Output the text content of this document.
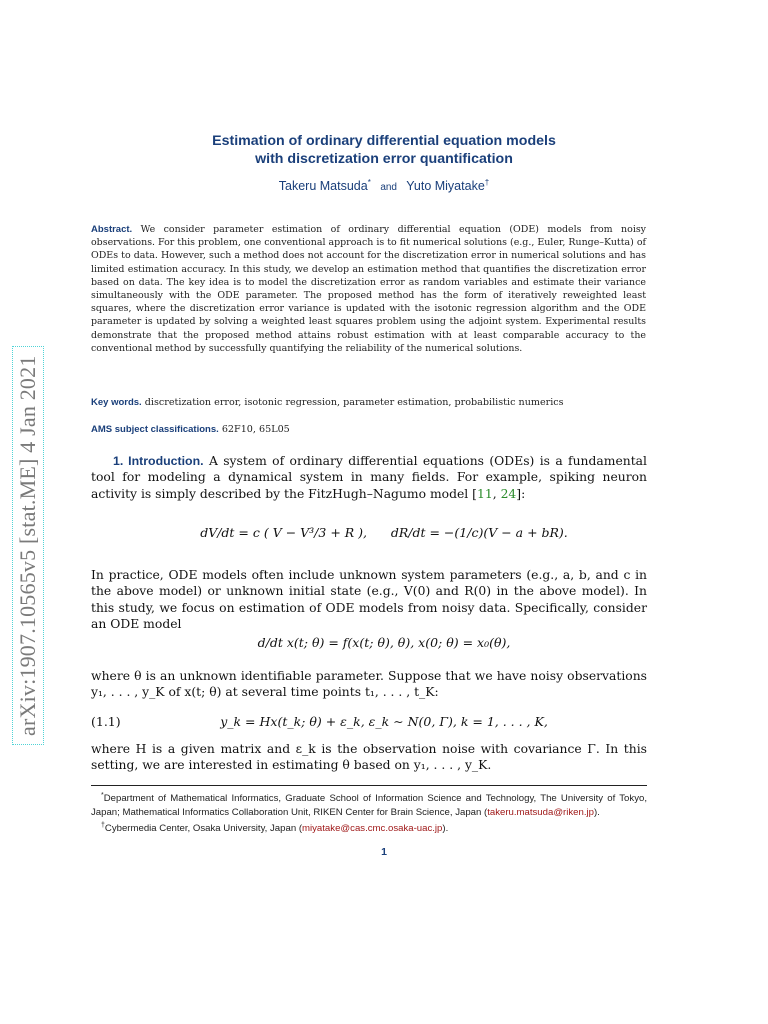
arXiv:1907.10565v5 [stat.ME] 4 Jan 2021
Estimation of ordinary differential equation models
with discretization error quantification
Takeru Matsuda* and Yuto Miyatake†
Abstract. We consider parameter estimation of ordinary differential equation (ODE) models from noisy observations. For this problem, one conventional approach is to fit numerical solutions (e.g., Euler, Runge–Kutta) of ODEs to data. However, such a method does not account for the discretization error in numerical solutions and has limited estimation accuracy. In this study, we develop an estimation method that quantifies the discretization error based on data. The key idea is to model the discretization error as random variables and estimate their variance simultaneously with the ODE parameter. The proposed method has the form of iteratively reweighted least squares, where the discretization error variance is updated with the isotonic regression algorithm and the ODE parameter is updated by solving a weighted least squares problem using the adjoint system. Experimental results demonstrate that the proposed method attains robust estimation with at least comparable accuracy to the conventional method by successfully quantifying the reliability of the numerical solutions.
Key words. discretization error, isotonic regression, parameter estimation, probabilistic numerics
AMS subject classifications. 62F10, 65L05
1. Introduction. A system of ordinary differential equations (ODEs) is a fundamental tool for modeling a dynamical system in many fields. For example, spiking neuron activity is simply described by the FitzHugh–Nagumo model [11, 24]:
dV/dt = c ( V − V³/3 + R ), dR/dt = −(1/c)(V − a + bR).
In practice, ODE models often include unknown system parameters (e.g., a, b, and c in the above model) or unknown initial state (e.g., V(0) and R(0) in the above model). In this study, we focus on estimation of ODE models from noisy data. Specifically, consider an ODE model
d/dt x(t; θ) = f(x(t; θ), θ), x(0; θ) = x₀(θ),
where θ is an unknown identifiable parameter. Suppose that we have noisy observations y₁, . . . , y_K of x(t; θ) at several time points t₁, . . . , t_K:
(1.1)	y_k = Hx(t_k; θ) + ε_k, ε_k ∼ N(0, Γ), k = 1, . . . , K,
where H is a given matrix and ε_k is the observation noise with covariance Γ. In this setting, we are interested in estimating θ based on y₁, . . . , y_K.
*Department of Mathematical Informatics, Graduate School of Information Science and Technology, The University of Tokyo, Japan; Mathematical Informatics Collaboration Unit, RIKEN Center for Brain Science, Japan (takeru.matsuda@riken.jp).
†Cybermedia Center, Osaka University, Japan (miyatake@cas.cmc.osaka-uac.jp).
1
